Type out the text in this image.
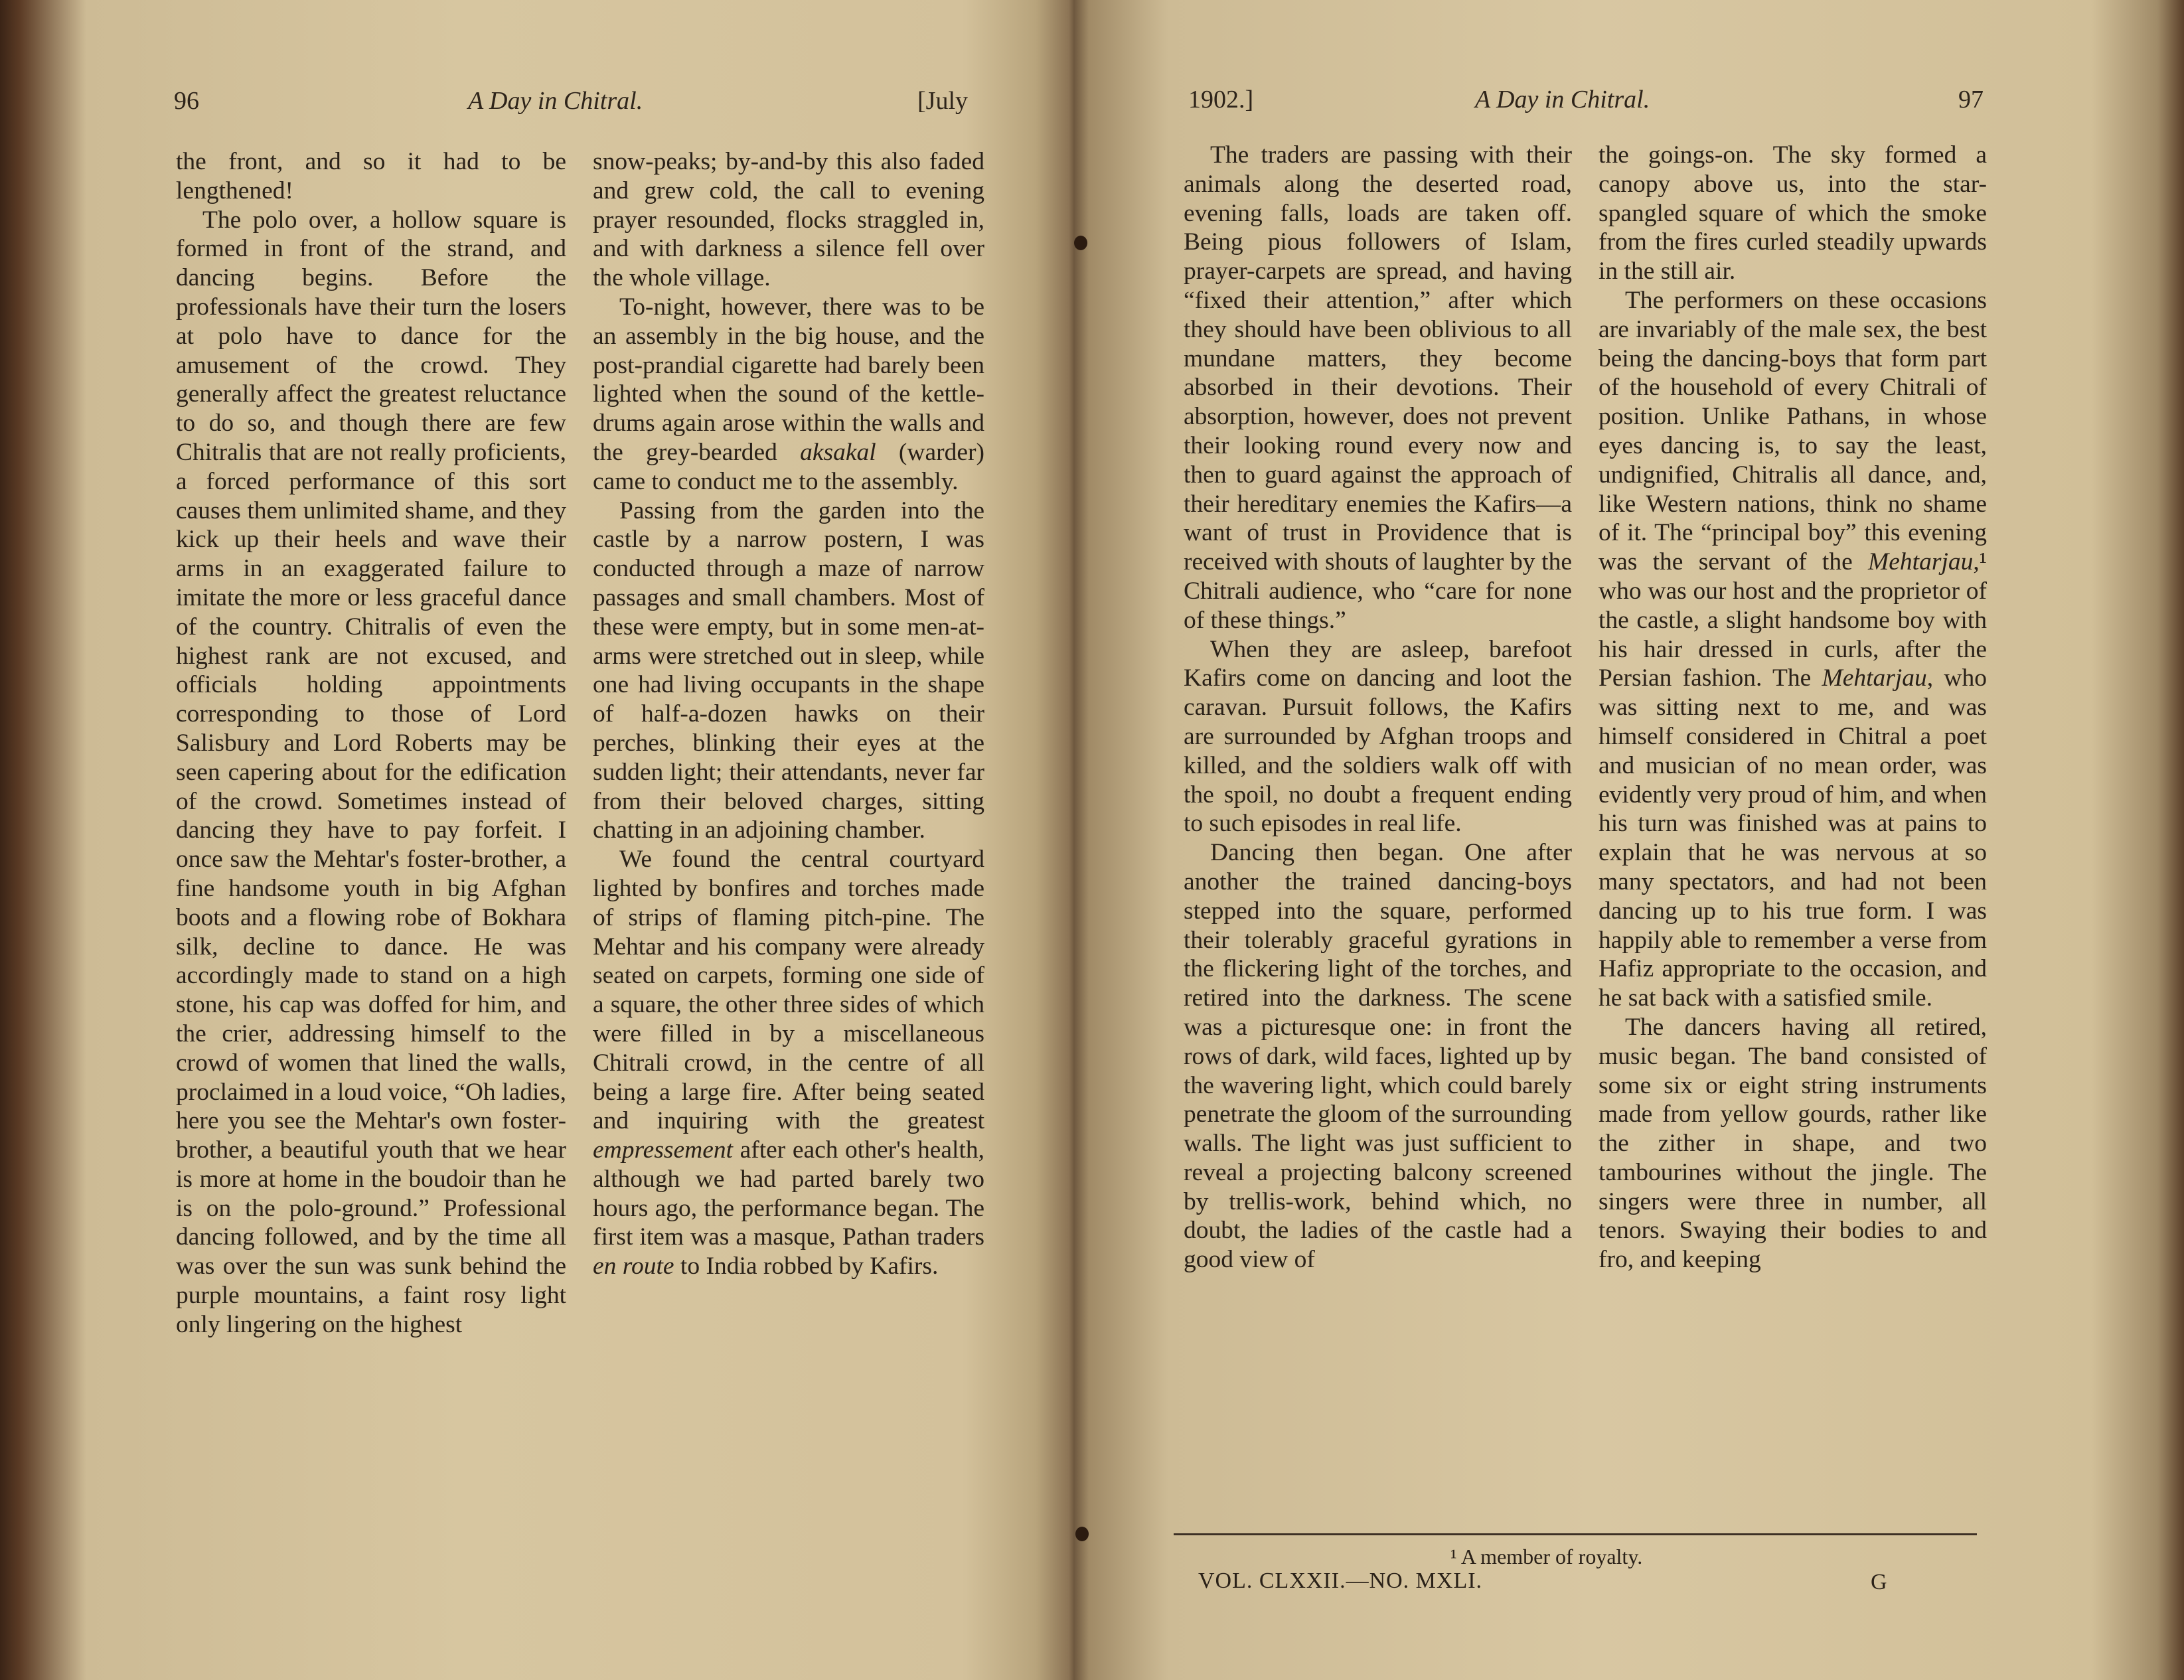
96	A Day in Chitral.	[July

the front, and so it had to be lengthened!

The polo over, a hollow square is formed in front of the strand, and dancing begins. Before the professionals have their turn the losers at polo have to dance for the amusement of the crowd. They generally affect the greatest reluctance to do so, and though there are few Chitralis that are not really proficients, a forced performance of this sort causes them unlimited shame, and they kick up their heels and wave their arms in an exaggerated failure to imitate the more or less graceful dance of the country. Chitralis of even the highest rank are not excused, and officials holding appointments corresponding to those of Lord Salisbury and Lord Roberts may be seen capering about for the edification of the crowd. Sometimes instead of dancing they have to pay forfeit. I once saw the Mehtar's foster-brother, a fine handsome youth in big Afghan boots and a flowing robe of Bokhara silk, decline to dance. He was accordingly made to stand on a high stone, his cap was doffed for him, and the crier, addressing himself to the crowd of women that lined the walls, proclaimed in a loud voice, “Oh ladies, here you see the Mehtar's own foster-brother, a beautiful youth that we hear is more at home in the boudoir than he is on the polo-ground.” Professional dancing followed, and by the time all was over the sun was sunk behind the purple mountains, a faint rosy light only lingering on the highest

snow-peaks; by-and-by this also faded and grew cold, the call to evening prayer resounded, flocks straggled in, and with darkness a silence fell over the whole village.

To-night, however, there was to be an assembly in the big house, and the post-prandial cigarette had barely been lighted when the sound of the kettle-drums again arose within the walls and the grey-bearded aksakal (warder) came to conduct me to the assembly.

Passing from the garden into the castle by a narrow postern, I was conducted through a maze of narrow passages and small chambers. Most of these were empty, but in some men-at-arms were stretched out in sleep, while one had living occupants in the shape of half-a-dozen hawks on their perches, blinking their eyes at the sudden light; their attendants, never far from their beloved charges, sitting chatting in an adjoining chamber.

We found the central courtyard lighted by bonfires and torches made of strips of flaming pitch-pine. The Mehtar and his company were already seated on carpets, forming one side of a square, the other three sides of which were filled in by a miscellaneous Chitrali crowd, in the centre of all being a large fire. After being seated and inquiring with the greatest empressement after each other's health, although we had parted barely two hours ago, the performance began. The first item was a masque, Pathan traders en route to India robbed by Kafirs.

1902.]	A Day in Chitral.	97

The traders are passing with their animals along the deserted road, evening falls, loads are taken off. Being pious followers of Islam, prayer-carpets are spread, and having “fixed their attention,” after which they should have been oblivious to all mundane matters, they become absorbed in their devotions. Their absorption, however, does not prevent their looking round every now and then to guard against the approach of their hereditary enemies the Kafirs—a want of trust in Providence that is received with shouts of laughter by the Chitrali audience, who “care for none of these things.”

When they are asleep, barefoot Kafirs come on dancing and loot the caravan. Pursuit follows, the Kafirs are surrounded by Afghan troops and killed, and the soldiers walk off with the spoil, no doubt a frequent ending to such episodes in real life.

Dancing then began. One after another the trained dancing-boys stepped into the square, performed their tolerably graceful gyrations in the flickering light of the torches, and retired into the darkness. The scene was a picturesque one: in front the rows of dark, wild faces, lighted up by the wavering light, which could barely penetrate the gloom of the surrounding walls. The light was just sufficient to reveal a projecting balcony screened by trellis-work, behind which, no doubt, the ladies of the castle had a good view of

the goings-on. The sky formed a canopy above us, into the star-spangled square of which the smoke from the fires curled steadily upwards in the still air.

The performers on these occasions are invariably of the male sex, the best being the dancing-boys that form part of the household of every Chitrali of position. Unlike Pathans, in whose eyes dancing is, to say the least, undignified, Chitralis all dance, and, like Western nations, think no shame of it. The “principal boy” this evening was the servant of the Mehtarjau,¹ who was our host and the proprietor of the castle, a slight handsome boy with his hair dressed in curls, after the Persian fashion. The Mehtarjau, who was sitting next to me, and was himself considered in Chitral a poet and musician of no mean order, was evidently very proud of him, and when his turn was finished was at pains to explain that he was nervous at so many spectators, and had not been dancing up to his true form. I was happily able to remember a verse from Hafiz appropriate to the occasion, and he sat back with a satisfied smile.

The dancers having all retired, music began. The band consisted of some six or eight string instruments made from yellow gourds, rather like the zither in shape, and two tambourines without the jingle. The singers were three in number, all tenors. Swaying their bodies to and fro, and keeping

¹ A member of royalty.
VOL. CLXXII.—NO. MXLI.	G
